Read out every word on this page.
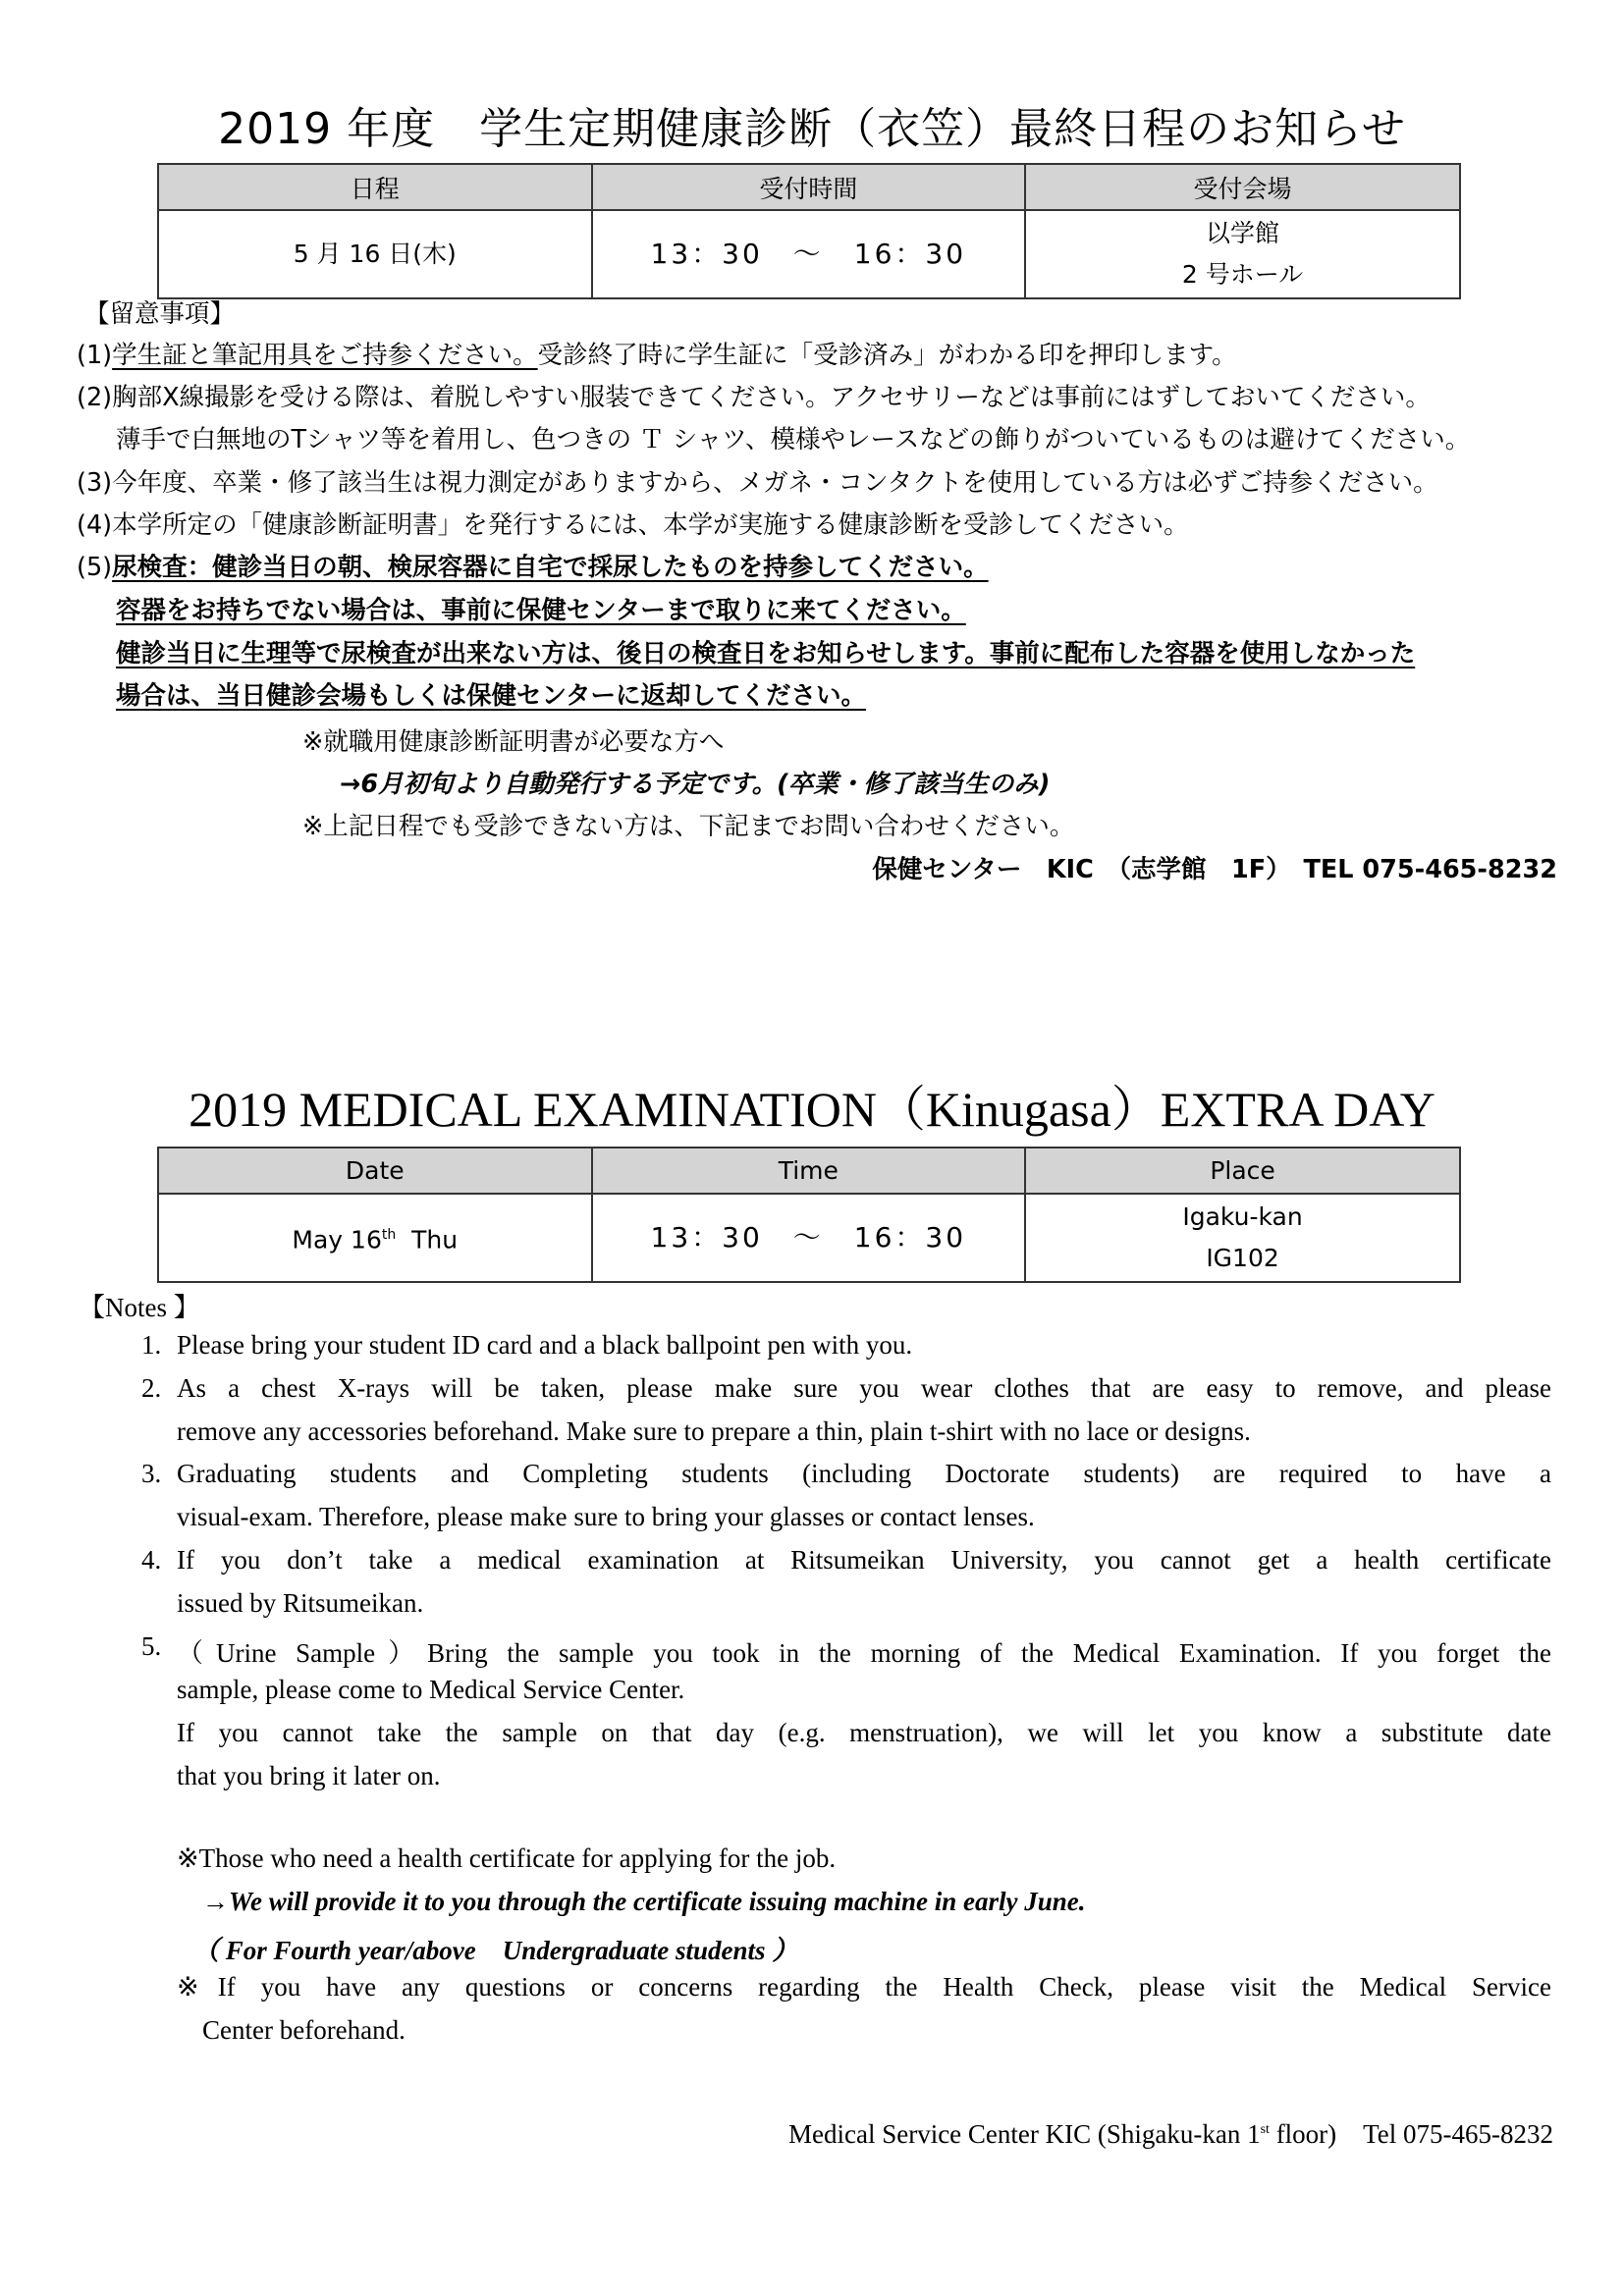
2019 年度　学生定期健康診断（衣笠）最終日程のお知らせ
日程	受付時間	受付会場
5 月 16 日(木)	13：30　～　16：30	以学館
2 号ホール
【留意事項】
(1)学生証と筆記用具をご持参ください。受診終了時に学生証に「受診済み」がわかる印を押印します。
(2)胸部X線撮影を受ける際は、着脱しやすい服装できてください。アクセサリーなどは事前にはずしておいてください。
薄手で白無地のTシャツ等を着用し、色つきの Ｔ シャツ、模様やレースなどの飾りがついているものは避けてください。
(3)今年度、卒業・修了該当生は視力測定がありますから、メガネ・コンタクトを使用している方は必ずご持参ください。
(4)本学所定の「健康診断証明書」を発行するには、本学が実施する健康診断を受診してください。
(5)尿検査：健診当日の朝、検尿容器に自宅で採尿したものを持参してください。
容器をお持ちでない場合は、事前に保健センターまで取りに来てください。
健診当日に生理等で尿検査が出来ない方は、後日の検査日をお知らせします。事前に配布した容器を使用しなかった
場合は、当日健診会場もしくは保健センターに返却してください。
※就職用健康診断証明書が必要な方へ
→6月初旬より自動発行する予定です。(卒業・修了該当生のみ)
※上記日程でも受診できない方は、下記までお問い合わせください。
保健センター　KIC　（志学館　1F）　TEL 075-465-8232
2019 MEDICAL EXAMINATION（Kinugasa）EXTRA DAY
Date	Time	Place
May 16th  Thu	13：30　～　16：30	Igaku-kan
IG102
【Notes 】
1. Please bring your student ID card and a black ballpoint pen with you.
2. As a chest X-rays will be taken, please make sure you wear clothes that are easy to remove, and please
remove any accessories beforehand. Make sure to prepare a thin, plain t-shirt with no lace or designs.
3. Graduating students and Completing students (including Doctorate students) are required to have a
visual-exam. Therefore, please make sure to bring your glasses or contact lenses.
4. If you don’t take a medical examination at Ritsumeikan University, you cannot get a health certificate
issued by Ritsumeikan.
5. （Urine Sample）Bring the sample you took in the morning of the Medical Examination. If you forget the
sample, please come to Medical Service Center.
If you cannot take the sample on that day (e.g. menstruation), we will let you know a substitute date
that you bring it later on.
※Those who need a health certificate for applying for the job.
→We will provide it to you through the certificate issuing machine in early June.
（ For Fourth year/above　Undergraduate students ）
※If you have any questions or concerns regarding the Health Check, please visit the Medical Service
Center beforehand.
Medical Service Center KIC (Shigaku-kan 1st floor)　Tel 075-465-8232
